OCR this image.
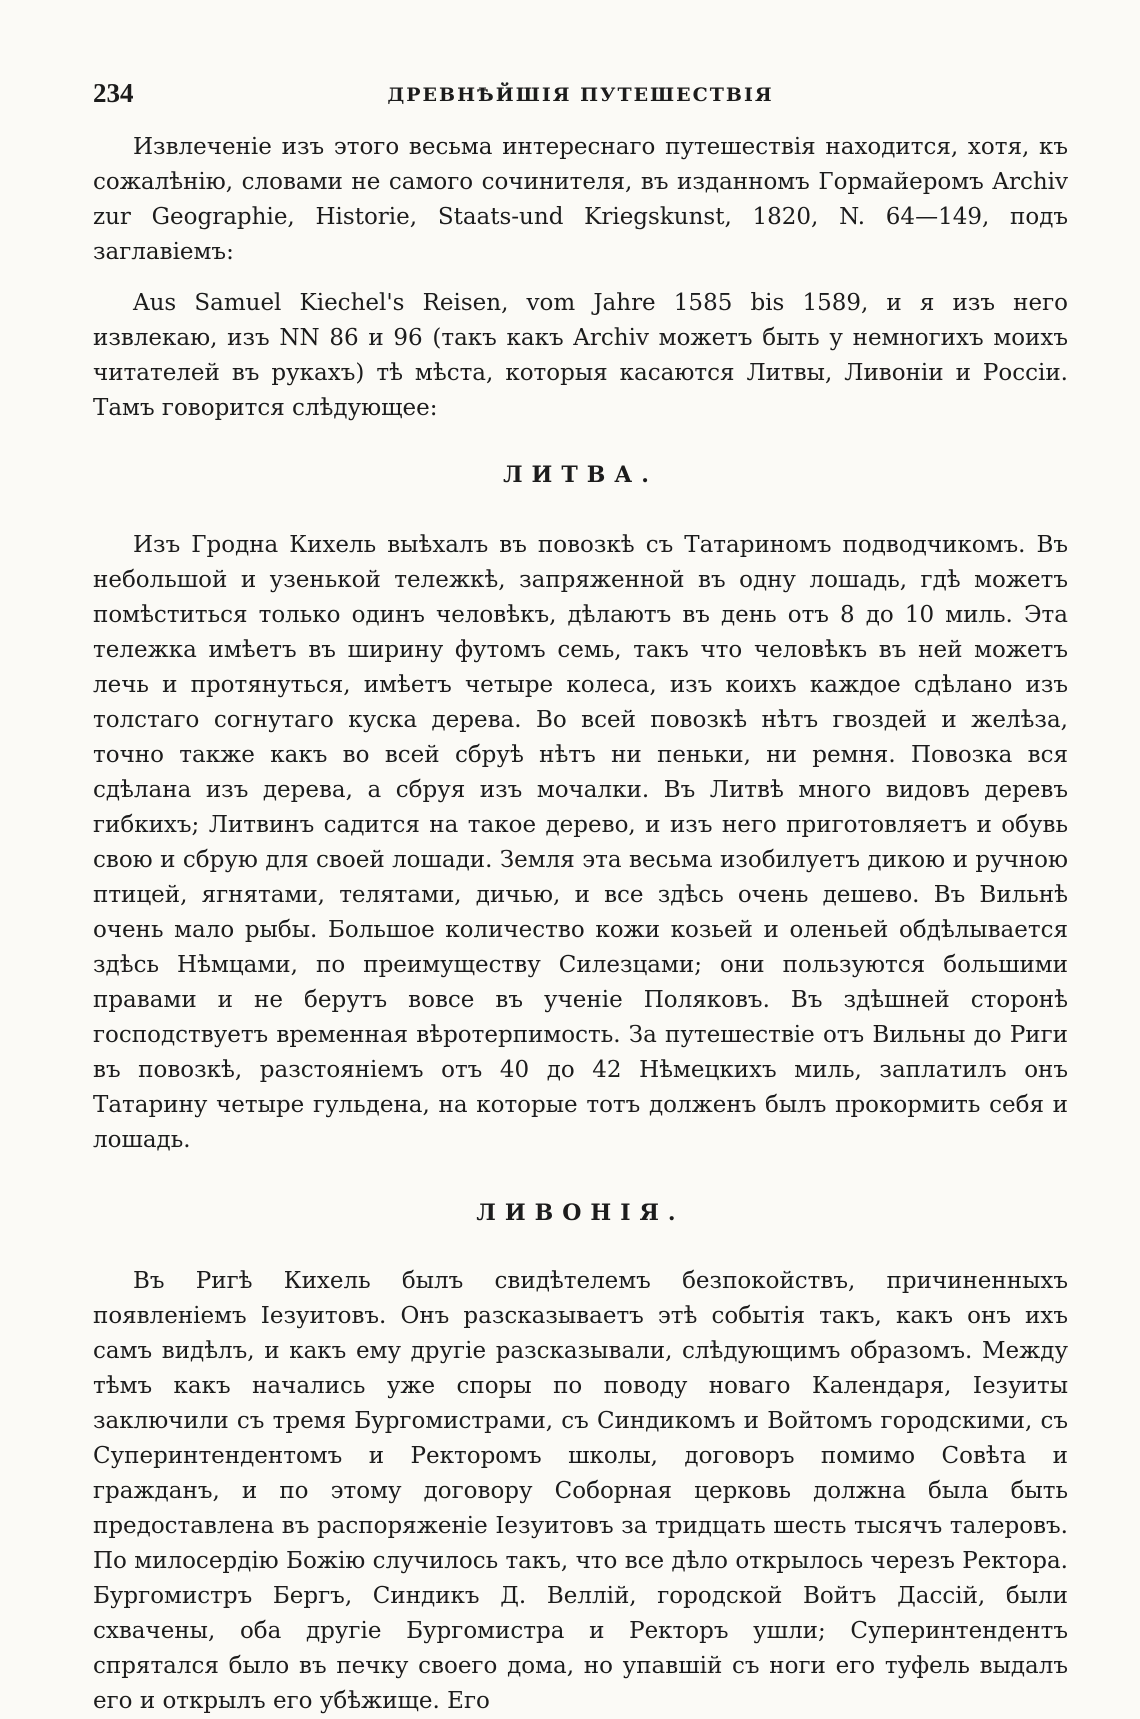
234	ДРЕВНѢЙШIЯ ПУТЕШЕСТВIЯ

Извлеченіе изъ этого весьма интереснаго путешествія находится, хотя, къ сожалѣнію, словами не самого сочинителя, въ изданномъ Гормайеромъ Archiv zur Geographie, Historie, Staats-und Kriegskunst, 1820, N. 64—149, подъ заглавіемъ:

Aus Samuel Kiechel's Reisen, vom Jahre 1585 bis 1589, и я изъ него извлекаю, изъ NN 86 и 96 (такъ какъ Archiv можетъ быть у немногихъ моихъ читателей въ рукахъ) тѣ мѣста, которыя касаются Литвы, Ливоніи и Россіи. Тамъ говорится слѣдующее:

ЛИТВА.

Изъ Гродна Кихель выѣхалъ въ повозкѣ съ Татариномъ подводчикомъ. Въ небольшой и узенькой тележкѣ, запряженной въ одну лошадь, гдѣ можетъ помѣститься только одинъ человѣкъ, дѣлаютъ въ день отъ 8 до 10 миль. Эта тележка имѣетъ въ ширину футомъ семь, такъ что человѣкъ въ ней можетъ лечь и протянуться, имѣетъ четыре колеса, изъ коихъ каждое сдѣлано изъ толстаго согнутаго куска дерева. Во всей повозкѣ нѣтъ гвоздей и желѣза, точно также какъ во всей сбруѣ нѣтъ ни пеньки, ни ремня. Повозка вся сдѣлана изъ дерева, а сбруя изъ мочалки. Въ Литвѣ много видовъ деревъ гибкихъ; Литвинъ садится на такое дерево, и изъ него приготовляетъ и обувь свою и сбрую для своей лошади. Земля эта весьма изобилуетъ дикою и ручною птицей, ягнятами, телятами, дичью, и все здѣсь очень дешево. Въ Вильнѣ очень мало рыбы. Большое количество кожи козьей и оленьей обдѣлывается здѣсь Нѣмцами, по преимуществу Силезцами; они пользуются большими правами и не берутъ вовсе въ ученіе Поляковъ. Въ здѣшней сторонѣ господствуетъ временная вѣротерпимость. За путешествіе отъ Вильны до Риги въ повозкѣ, разстояніемъ отъ 40 до 42 Нѣмецкихъ миль, заплатилъ онъ Татарину четыре гульдена, на которые тотъ долженъ былъ прокормить себя и лошадь.

ЛИВОНIЯ.

Въ Ригѣ Кихель былъ свидѣтелемъ безпокойствъ, причиненныхъ появленіемъ Іезуитовъ. Онъ разсказываетъ этѣ событія такъ, какъ онъ ихъ самъ видѣлъ, и какъ ему другіе разсказывали, слѣдующимъ образомъ. Между тѣмъ какъ начались уже споры по поводу новаго Календаря, Іезуиты заключили съ тремя Бургомистрами, съ Синдикомъ и Войтомъ городскими, съ Суперинтендентомъ и Ректоромъ школы, договоръ помимо Совѣта и гражданъ, и по этому договору Соборная церковь должна была быть предоставлена въ распоряженіе Іезуитовъ за тридцать шесть тысячъ талеровъ. По милосердію Божію случилось такъ, что все дѣло открылось черезъ Ректора. Бургомистръ Бергъ, Синдикъ Д. Веллій, городской Войтъ Дассій, были схвачены, оба другіе Бургомистра и Ректоръ ушли; Суперинтендентъ спрятался было въ печку своего дома, но упавшій съ ноги его туфель выдалъ его и открылъ его убѣжище. Его
